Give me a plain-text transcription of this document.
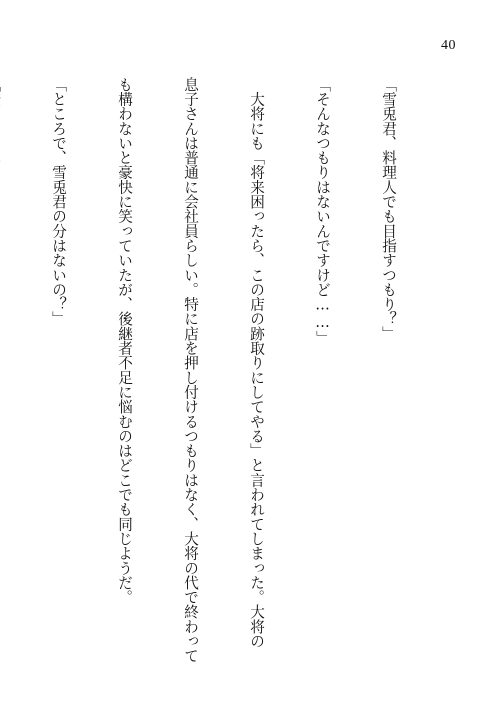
40

「雪兎君、料理人でも目指すつもり？」

「そんなつもりはないんですけど……」

　大将にも「将来困ったら、この店の跡取りにしてやる」と言われてしまった。大将の

息子さんは普通に会社員らしい。特に店を押し付けるつもりはなく、大将の代で終わって

も構わないと豪快に笑っていたが、後継者不足に悩むのはどこでも同じようだ。

「ところで、雪兎君の分はないの？」
